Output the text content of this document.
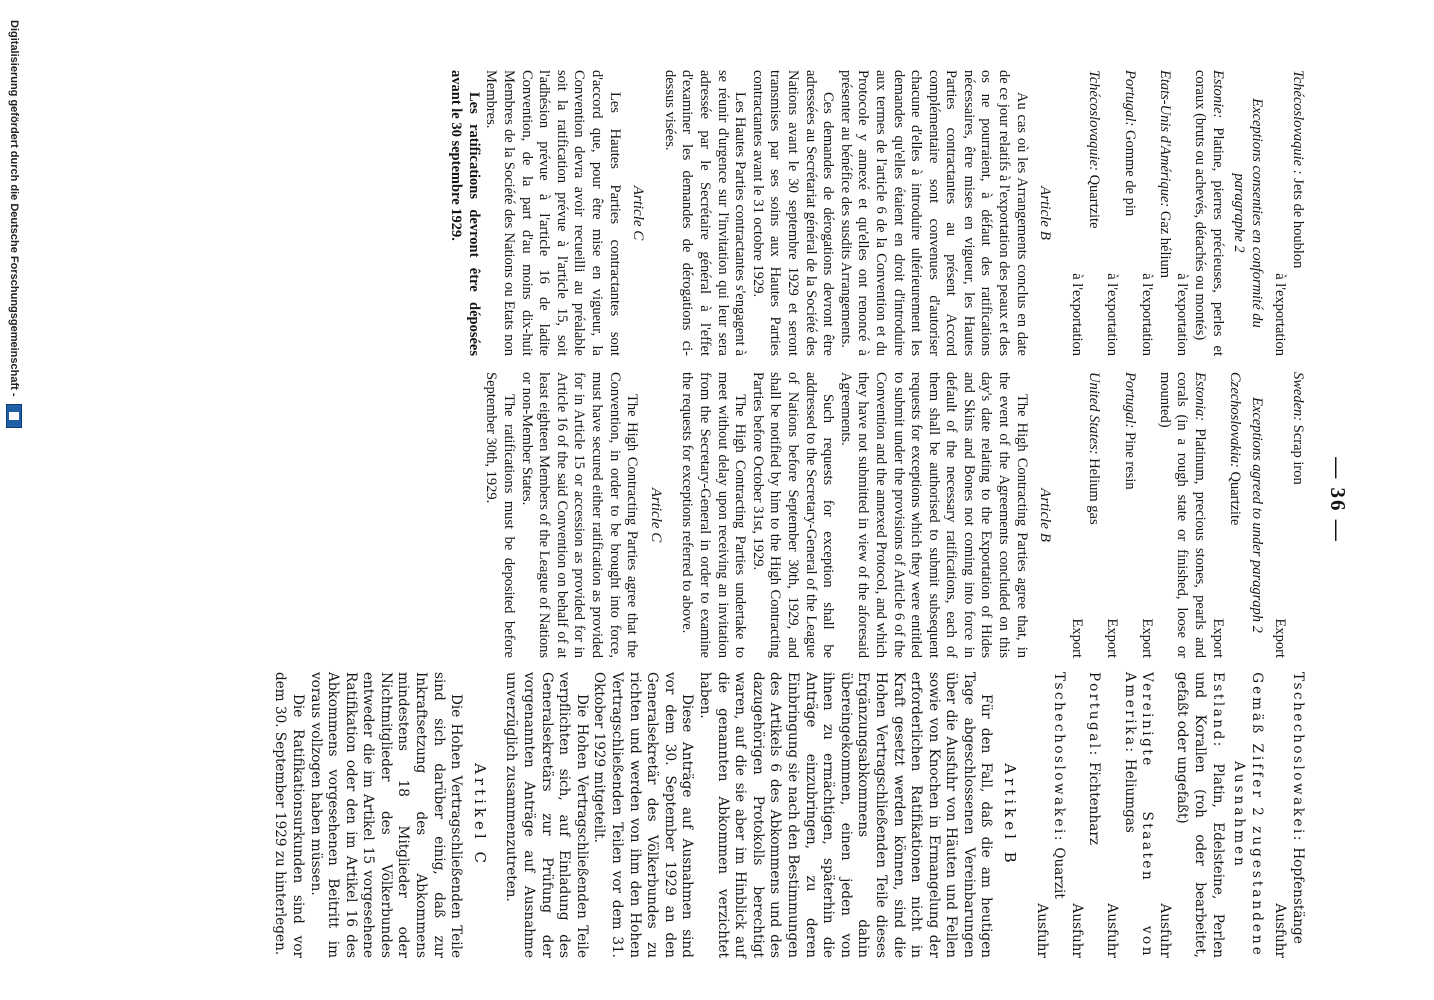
— 36 —
Tchécoslovaquie : Jets de houblon
à l'exportation
Exceptions consenties en conformité du paragraphe 2
Estonie: Platine, pierres précieuses, perles et coraux (bruts ou achevés, détachés ou montés)
à l'exportation
Etats-Unis d'Amérique: Gaz hélium
à l'exportation
Portugal: Gomme de pin
à l'exportation
Tchécoslovaquie: Quartzite
à l'exportation
Article B

Au cas où les Arrangements conclus en date de ce jour relatifs à l'exportation des peaux et des os ne pourraient, à défaut des ratifications nécessaires, être mises en vigueur, les Hautes Parties contractantes au présent Accord complémentaire sont convenues d'autoriser chacune d'elles à introduire ultérieurement les demandes qu'elles étaient en droit d'introduire aux termes de l'article 6 de la Convention et du Protocole y annexé et qu'elles ont renoncé à présenter au bénéfice des susdits Arrangements.

Ces demandes de dérogations devront être adressées au Secrétariat général de la Société des Nations avant le 30 septembre 1929 et seront transmises par ses soins aux Hautes Parties contractantes avant le 31 octobre 1929.

Les Hautes Parties contractantes s'engagent à se réunir d'urgence sur l'invitation qui leur sera adressée par le Secrétaire général à l'effet d'examiner les demandes de dérogations ci-dessus visées.

Article C

Les Hautes Parties contractantes sont d'accord que, pour être mise en vigueur, la Convention devra avoir recueilli au préalable soit la ratification prévue à l'article 15, soit l'adhésion prévue à l'article 16 de ladite Convention, de la part d'au moins dix-huit Membres de la Société des Nations ou Etats non Membres.

Les ratifications devront être déposées avant le 30 septembre 1929.

Sweden: Scrap iron
Export
Exceptions agreed to under paragraph 2
Czechoslovakia: Quartzite
Export
Estonia: Platinum, precious stones, pearls and corals (in a rough state or finished, loose or mounted)
Export
Portugal: Pine resin
Export
United States: Helium gas
Export
Article B

The High Contracting Parties agree that, in the event of the Agreements concluded on this day's date relating to the Exportation of Hides and Skins and Bones not coming into force in default of the necessary ratifications, each of them shall be authorised to submit subsequent requests for exceptions which they were entitled to submit under the provisions of Article 6 of the Convention and the annexed Protocol, and which they have not submitted in view of the aforesaid Agreements.

Such requests for exception shall be addressed to the Secretary-General of the League of Nations before September 30th, 1929, and shall be notified by him to the High Contracting Parties before October 31st, 1929.

The High Contracting Parties undertake to meet without delay upon receiving an invitation from the Secretary-General in order to examine the requests for exceptions referred to above.

Article C

The High Contracting Parties agree that the Convention, in order to be brought into force, must have secured either ratification as provided for in Article 15 or accession as provided for in Article 16 of the said Convention on behalf of at least eighteen Members of the League of Nations or non-Member States.

The ratifications must be deposited before September 30th, 1929.

Tschechoslowakei: Hopfenstänge
Ausfuhr
Gemäß Ziffer 2 zugestandene Ausnahmen
Estland: Platin, Edelsteine, Perlen und Korallen (roh oder bearbeitet, gefaßt oder ungefaßt)
Ausfuhr
Vereinigte Staaten von Amerika: Heliumgas
Ausfuhr
Portugal: Fichtenharz
Ausfuhr
Tschechoslowakei: Quarzit
Ausfuhr
Artikel B

Für den Fall, daß die am heutigen Tage abgeschlossenen Vereinbarungen über die Ausfuhr von Häuten und Fellen sowie von Knochen in Ermangelung der erforderlichen Ratifikationen nicht in Kraft gesetzt werden können, sind die Hohen Vertragschließenden Teile dieses Ergänzungsabkommens dahin übereingekommen, einen jeden von ihnen zu ermächtigen, späterhin die Anträge einzubringen, zu deren Einbringung sie nach den Bestimmungen des Artikels 6 des Abkommens und des dazugehörigen Protokolls berechtigt waren, auf die sie aber im Hinblick auf die genannten Abkommen verzichtet haben.

Diese Anträge auf Ausnahmen sind vor dem 30. September 1929 an den Generalsekretär des Völkerbundes zu richten und werden von ihm den Hohen Vertragschließenden Teilen vor dem 31. Oktober 1929 mitgeteilt.

Die Hohen Vertragschließenden Teile verpflichten sich, auf Einladung des Generalsekretärs zur Prüfung der vorgenannten Anträge auf Ausnahme unverzüglich zusammenzutreten.

Artikel C

Die Hohen Vertragschließenden Teile sind sich darüber einig, daß zur Inkraftsetzung des Abkommens mindestens 18 Mitglieder oder Nichtmitglieder des Völkerbundes entweder die im Artikel 15 vorgesehene Ratifikation oder den im Artikel 16 des Abkommens vorgesehenen Beitritt im voraus vollzogen haben müssen.

Die Ratifikationsurkunden sind vor dem 30. September 1929 zu hinterlegen.

Digitalisierung gefördert durch die Deutsche Forschungsgemeinschaft -
